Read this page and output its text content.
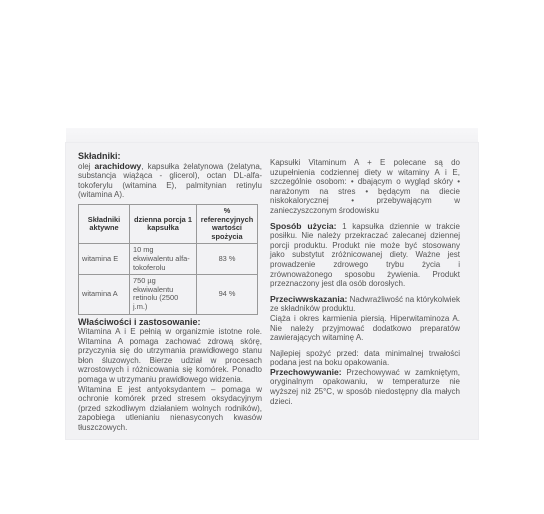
Składniki:

olej arachidowy, kapsułka żelatynowa (żelatyna, substancja wiążąca - glicerol), octan DL-alfa-tokoferylu (witamina E), palmitynian retinylu (witamina A).

Składniki aktywne	dzienna porcja 1 kapsułka	% referencyjnych wartości spożycia
witamina E	10 mg ekwiwalentu alfa-tokoferolu	83 %
witamina A	750 µg ekwiwalentu retinolu (2500 j.m.)	94 %
Właściwości i zastosowanie:

Witamina A i E pełnią w organizmie istotne role. Witamina A pomaga zachować zdrową skórę, przyczynia się do utrzymania prawidłowego stanu błon śluzowych. Bierze udział w procesach wzrostowych i różnicowania się komórek. Ponadto pomaga w utrzymaniu prawidłowego widzenia.

Witamina E jest antyoksydantem – pomaga w ochronie komórek przed stresem oksydacyjnym (przed szkodliwym działaniem wolnych rodników), zapobiega utlenianiu nienasyconych kwasów tłuszczowych.

Kapsułki Vitaminum A + E polecane są do uzupełnienia codziennej diety w witaminy A i E, szczególnie osobom: • dbającym o wygląd skóry • narażonym na stres • będącym na diecie niskokalorycznej	•	przebywającym w zanieczyszczonym środowisku

Sposób użycia: 1 kapsułka dziennie w trakcie posiłku. Nie należy przekraczać zalecanej dziennej porcji produktu. Produkt nie może być stosowany jako substytut zróżnicowanej diety. Ważne jest prowadzenie zdrowego trybu życia i zrównoważonego sposobu żywienia. Produkt przeznaczony jest dla osób dorosłych.

Przeciwwskazania: Nadwrażliwość na którykolwiek ze składników produktu.

Ciąża i okres karmienia piersią. Hiperwitaminoza A. Nie należy przyjmować dodatkowo preparatów zawierających witaminę A.

Najlepiej spożyć przed: data minimalnej trwałości podana jest na boku opakowania.

Przechowywanie: Przechowywać w zamkniętym, oryginalnym opakowaniu, w temperaturze nie wyższej niż 25°C, w sposób niedostępny dla małych dzieci.
